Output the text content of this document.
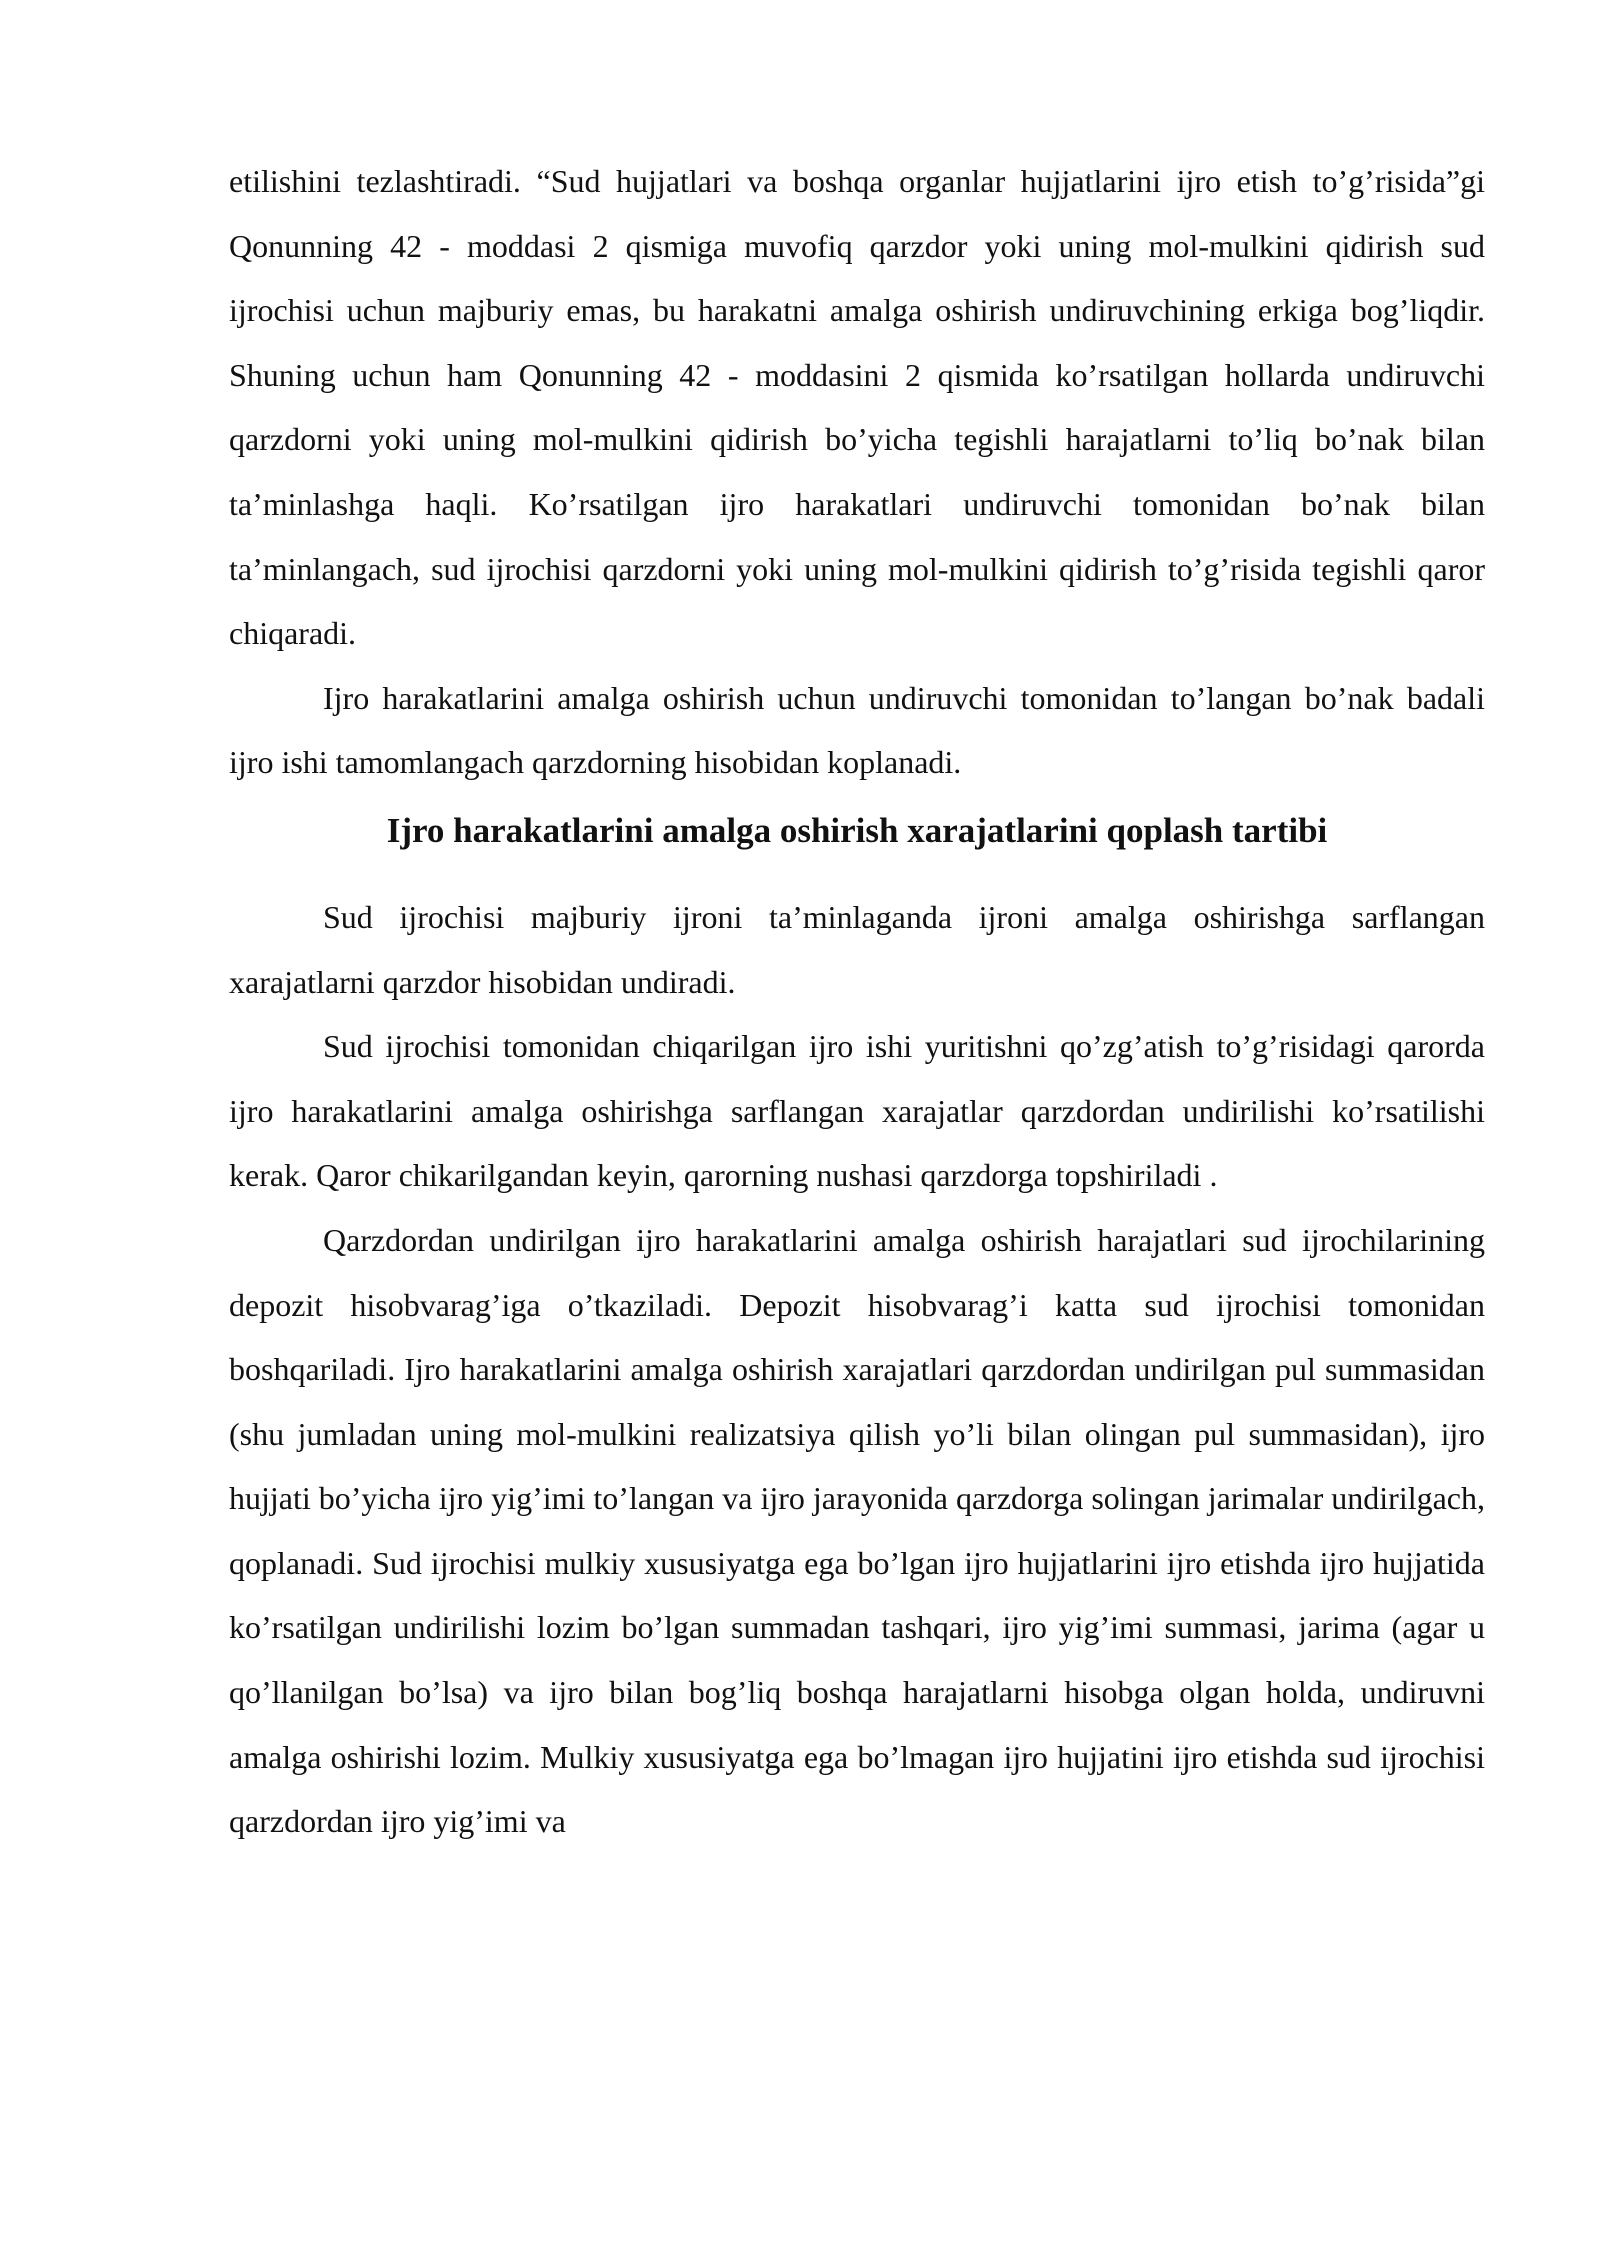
etilishini tezlashtiradi. “Sud hujjatlari va boshqa organlar hujjatlarini ijro etish to’g’risida”gi Qonunning 42 - moddasi 2 qismiga muvofiq qarzdor yoki uning mol-mulkini qidirish sud ijrochisi uchun majburiy emas, bu harakatni amalga oshirish undiruvchining erkiga bog’liqdir. Shuning uchun ham Qonunning 42 - moddasini 2 qismida ko’rsatilgan hollarda undiruvchi qarzdorni yoki uning mol-mulkini qidirish bo’yicha tegishli harajatlarni to’liq bo’nak bilan ta’minlashga haqli. Ko’rsatilgan ijro harakatlari undiruvchi tomonidan bo’nak bilan ta’minlangach, sud ijrochisi qarzdorni yoki uning mol-mulkini qidirish to’g’risida tegishli qaror chiqaradi.

Ijro harakatlarini amalga oshirish uchun undiruvchi tomonidan to’langan bo’nak badali ijro ishi tamomlangach qarzdorning hisobidan koplanadi.

Ijro harakatlarini amalga oshirish xarajatlarini qoplash tartibi

Sud ijrochisi majburiy ijroni ta’minlaganda ijroni amalga oshirishga sarflangan xarajatlarni qarzdor hisobidan undiradi.

Sud ijrochisi tomonidan chiqarilgan ijro ishi yuritishni qo’zg’atish to’g’risidagi qarorda ijro harakatlarini amalga oshirishga sarflangan xarajatlar qarzdordan undirilishi ko’rsatilishi kerak. Qaror chikarilgandan keyin, qarorning nushasi qarzdorga topshiriladi .

Qarzdordan undirilgan ijro harakatlarini amalga oshirish harajatlari sud ijrochilarining depozit hisobvarag’iga o’tkaziladi. Depozit hisobvarag’i katta sud ijrochisi tomonidan boshqariladi. Ijro harakatlarini amalga oshirish xarajatlari qarzdordan undirilgan pul summasidan (shu jumladan uning mol-mulkini realizatsiya qilish yo’li bilan olingan pul summasidan), ijro hujjati bo’yicha ijro yig’imi to’langan va ijro jarayonida qarzdorga solingan jarimalar undirilgach, qoplanadi. Sud ijrochisi mulkiy xususiyatga ega bo’lgan ijro hujjatlarini ijro etishda ijro hujjatida ko’rsatilgan undirilishi lozim bo’lgan summadan tashqari, ijro yig’imi summasi, jarima (agar u qo’llanilgan bo’lsa) va ijro bilan bog’liq boshqa harajatlarni hisobga olgan holda, undiruvni amalga oshirishi lozim. Mulkiy xususiyatga ega bo’lmagan ijro hujjatini ijro etishda sud ijrochisi qarzdordan ijro yig’imi va
